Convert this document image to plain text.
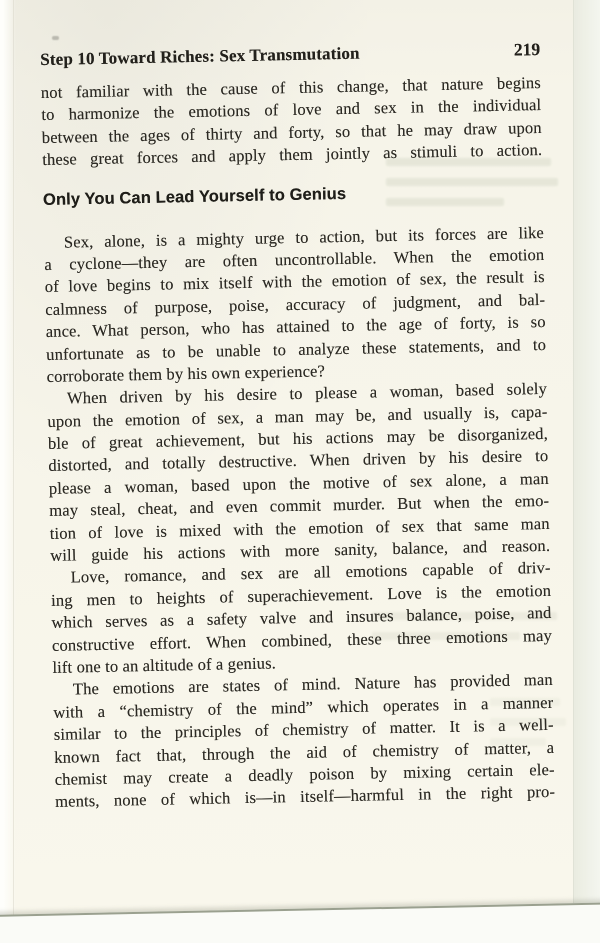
Step 10 Toward Riches: Sex Transmutation	219
not familiar with the cause of this change, that nature begins
to harmonize the emotions of love and sex in the individual
between the ages of thirty and forty, so that he may draw upon
these great forces and apply them jointly as stimuli to action.
Only You Can Lead Yourself to Genius
Sex, alone, is a mighty urge to action, but its forces are like
a cyclone—they are often uncontrollable. When the emotion
of love begins to mix itself with the emotion of sex, the result is
calmness of purpose, poise, accuracy of judgment, and bal-
ance. What person, who has attained to the age of forty, is so
unfortunate as to be unable to analyze these statements, and to
corroborate them by his own experience?
When driven by his desire to please a woman, based solely
upon the emotion of sex, a man may be, and usually is, capa-
ble of great achievement, but his actions may be disorganized,
distorted, and totally destructive. When driven by his desire to
please a woman, based upon the motive of sex alone, a man
may steal, cheat, and even commit murder. But when the emo-
tion of love is mixed with the emotion of sex that same man
will guide his actions with more sanity, balance, and reason.
Love, romance, and sex are all emotions capable of driv-
ing men to heights of superachievement. Love is the emotion
which serves as a safety valve and insures balance, poise, and
constructive effort. When combined, these three emotions may
lift one to an altitude of a genius.
The emotions are states of mind. Nature has provided man
with a “chemistry of the mind” which operates in a manner
similar to the principles of chemistry of matter. It is a well-
known fact that, through the aid of chemistry of matter, a
chemist may create a deadly poison by mixing certain ele-
ments, none of which is—in itself—harmful in the right pro-
